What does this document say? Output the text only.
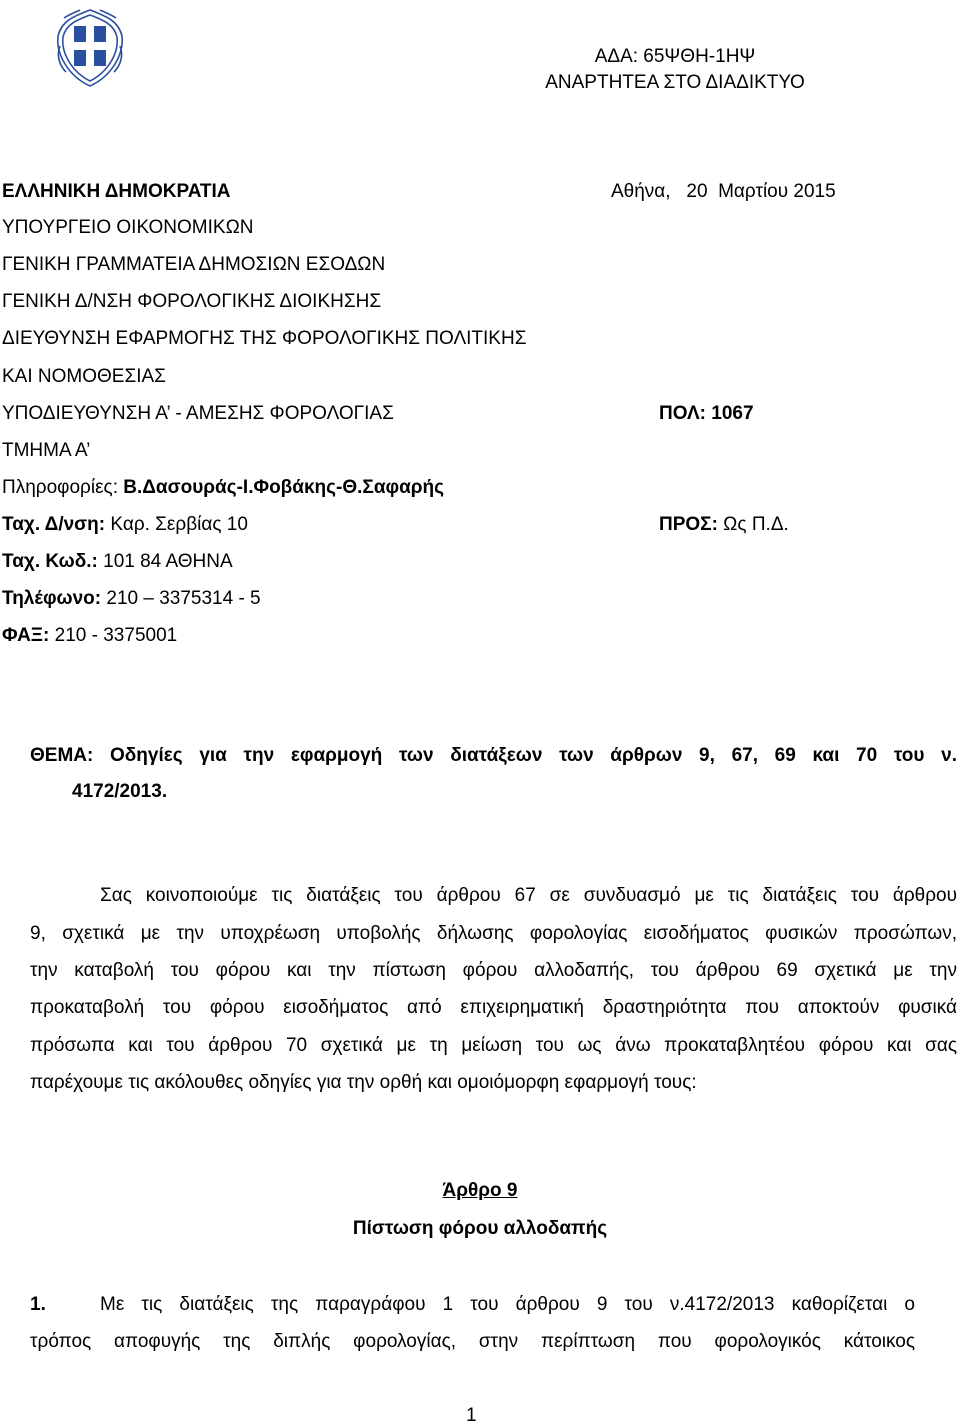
ΑΔΑ: 65ΨΘΗ-1ΗΨ
ΑΝΑΡΤΗΤΕΑ ΣΤΟ ΔΙΑΔΙΚΤΥΟ
ΕΛΛΗΝΙΚΗ ΔΗΜΟΚΡΑΤΙΑ
ΥΠΟΥΡΓΕΙΟ ΟΙΚΟΝΟΜΙΚΩΝ
ΓΕΝΙΚΗ ΓΡΑΜΜΑΤΕΙΑ ΔΗΜΟΣΙΩΝ ΕΣΟΔΩΝ
ΓΕΝΙΚΗ Δ/ΝΣΗ ΦΟΡΟΛΟΓΙΚΗΣ ΔΙΟΙΚΗΣΗΣ
ΔΙΕΥΘΥΝΣΗ ΕΦΑΡΜΟΓΗΣ ΤΗΣ ΦΟΡΟΛΟΓΙΚΗΣ ΠΟΛΙΤΙΚΗΣ
ΚΑΙ ΝΟΜΟΘΕΣΙΑΣ
ΥΠΟΔΙΕΥΘΥΝΣΗ Α’ - ΑΜΕΣΗΣ ΦΟΡΟΛΟΓΙΑΣ
ΤΜΗΜΑ Α’
Πληροφορίες: Β.Δασουράς-Ι.Φοβάκης-Θ.Σαφαρής
Ταχ. Δ/νση: Καρ. Σερβίας 10
Ταχ. Κωδ.: 101 84 ΑΘΗΝΑ
Τηλέφωνο: 210 – 3375314 - 5
ΦΑΞ: 210 - 3375001
Αθήνα,   20  Μαρτίου 2015
ΠΟΛ: 1067
ΠΡΟΣ: Ως Π.Δ.
ΘΕΜΑ: Οδηγίες για την εφαρμογή των διατάξεων των άρθρων 9, 67, 69 και 70 του ν.
4172/2013.
Σας κοινοποιούμε τις διατάξεις του άρθρου 67 σε συνδυασμό με τις διατάξεις του άρθρου
9, σχετικά με την υποχρέωση υποβολής δήλωσης φορολογίας εισοδήματος φυσικών προσώπων,
την καταβολή του φόρου και την πίστωση φόρου αλλοδαπής, του άρθρου 69 σχετικά με την
προκαταβολή του φόρου εισοδήματος από επιχειρηματική δραστηριότητα που αποκτούν φυσικά
πρόσωπα και του άρθρου 70 σχετικά με τη μείωση του ως άνω προκαταβλητέου φόρου και σας
παρέχουμε τις ακόλουθες οδηγίες για την ορθή και ομοιόμορφη εφαρμογή τους:
Άρθρο 9
Πίστωση φόρου αλλοδαπής
1.	Με τις διατάξεις της παραγράφου 1 του άρθρου 9 του ν.4172/2013 καθορίζεται ο
τρόπος αποφυγής της διπλής φορολογίας, στην περίπτωση που φορολογικός κάτοικος
1
